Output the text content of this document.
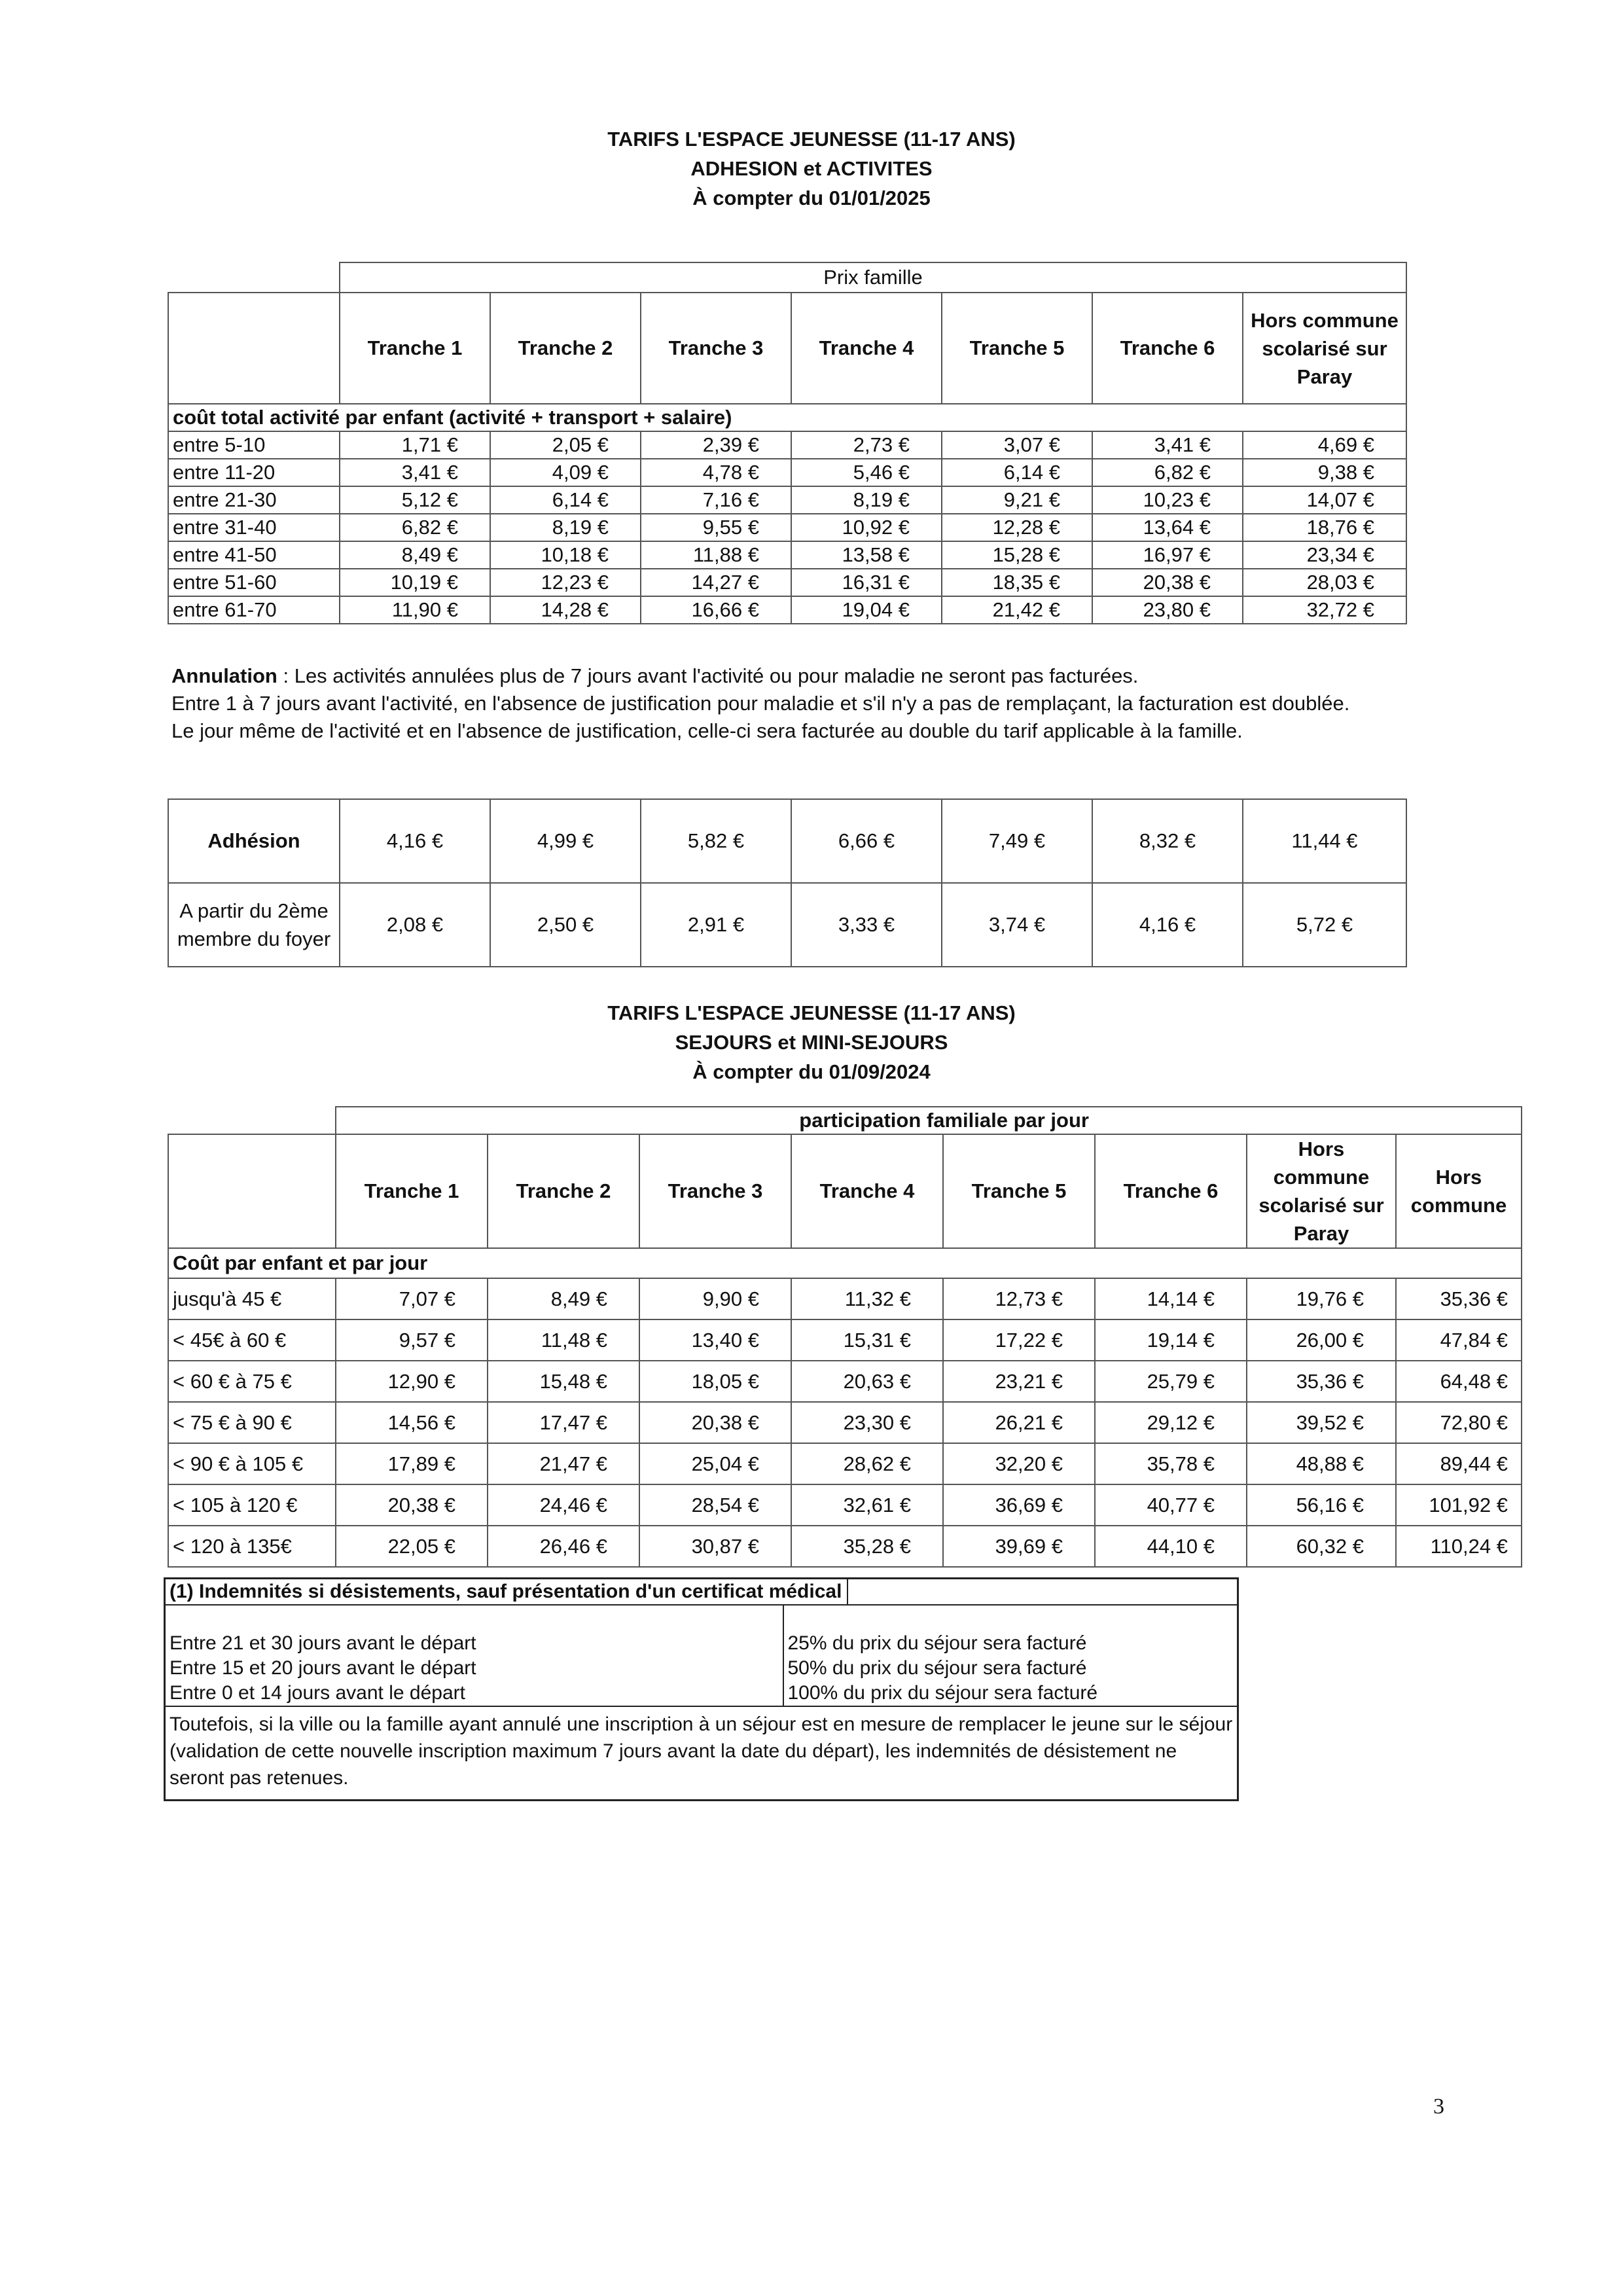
TARIFS L'ESPACE JEUNESSE (11-17 ANS)
ADHESION et ACTIVITES
À compter du 01/01/2025
	Prix famille						
	Tranche 1	Tranche 2	Tranche 3	Tranche 4	Tranche 5	Tranche 6	Hors commune scolarisé sur Paray
coût total activité par enfant (activité + transport + salaire)							
entre 5-10	1,71 €	2,05 €	2,39 €	2,73 €	3,07 €	3,41 €	4,69 €
entre 11-20	3,41 €	4,09 €	4,78 €	5,46 €	6,14 €	6,82 €	9,38 €
entre 21-30	5,12 €	6,14 €	7,16 €	8,19 €	9,21 €	10,23 €	14,07 €
entre 31-40	6,82 €	8,19 €	9,55 €	10,92 €	12,28 €	13,64 €	18,76 €
entre 41-50	8,49 €	10,18 €	11,88 €	13,58 €	15,28 €	16,97 €	23,34 €
entre 51-60	10,19 €	12,23 €	14,27 €	16,31 €	18,35 €	20,38 €	28,03 €
entre 61-70	11,90 €	14,28 €	16,66 €	19,04 €	21,42 €	23,80 €	32,72 €

Annulation : Les activités annulées plus de 7 jours avant l'activité ou pour maladie ne seront pas facturées.

Entre 1 à 7 jours avant l'activité, en l'absence de justification pour maladie et s'il n'y a pas de remplaçant, la facturation est doublée.

Le jour même de l'activité et en l'absence de justification, celle-ci sera facturée au double du tarif applicable à la famille.

Adhésion	4,16 €	4,99 €	5,82 €	6,66 €	7,49 €	8,32 €	11,44 €
A partir du 2ème membre du foyer	2,08 €	2,50 €	2,91 €	3,33 €	3,74 €	4,16 €	5,72 €
TARIFS L'ESPACE JEUNESSE (11-17 ANS)
SEJOURS et MINI-SEJOURS
À compter du 01/09/2024

	participation familiale par jour							

	Tranche 1	Tranche 2	Tranche 3	Tranche 4	Tranche 5	Tranche 6	Hors commune scolarisé sur Paray	Hors commune
Coût par enfant et par jour								
jusqu'à 45 €	7,07 €	8,49 €	9,90 €	11,32 €	12,73 €	14,14 €	19,76 €	35,36 €
< 45€ à 60 €	9,57 €	11,48 €	13,40 €	15,31 €	17,22 €	19,14 €	26,00 €	47,84 €
< 60 € à 75 €	12,90 €	15,48 €	18,05 €	20,63 €	23,21 €	25,79 €	35,36 €	64,48 €
< 75 € à 90 €	14,56 €	17,47 €	20,38 €	23,30 €	26,21 €	29,12 €	39,52 €	72,80 €
< 90 € à 105 €	17,89 €	21,47 €	25,04 €	28,62 €	32,20 €	35,78 €	48,88 €	89,44 €
< 105 à 120 €	20,38 €	24,46 €	28,54 €	32,61 €	36,69 €	40,77 €	56,16 €	101,92 €
< 120 à 135€	22,05 €	26,46 €	30,87 €	35,28 €	39,69 €	44,10 €	60,32 €	110,24 €
(1) Indemnités si désistements, sauf présentation d'un certificat médical	

Entre 21 et 30 jours avant le départ	25% du prix du séjour sera facturé
Entre 15 et 20 jours avant le départ	50% du prix du séjour sera facturé
Entre 0 et 14 jours avant le départ	100% du prix du séjour sera facturé
Toutefois, si la ville ou la famille ayant annulé une inscription à un séjour est en mesure de remplacer le jeune sur le séjour (validation de cette nouvelle inscription maximum 7 jours avant la date du départ), les indemnités de désistement ne seront pas retenues.	
3
